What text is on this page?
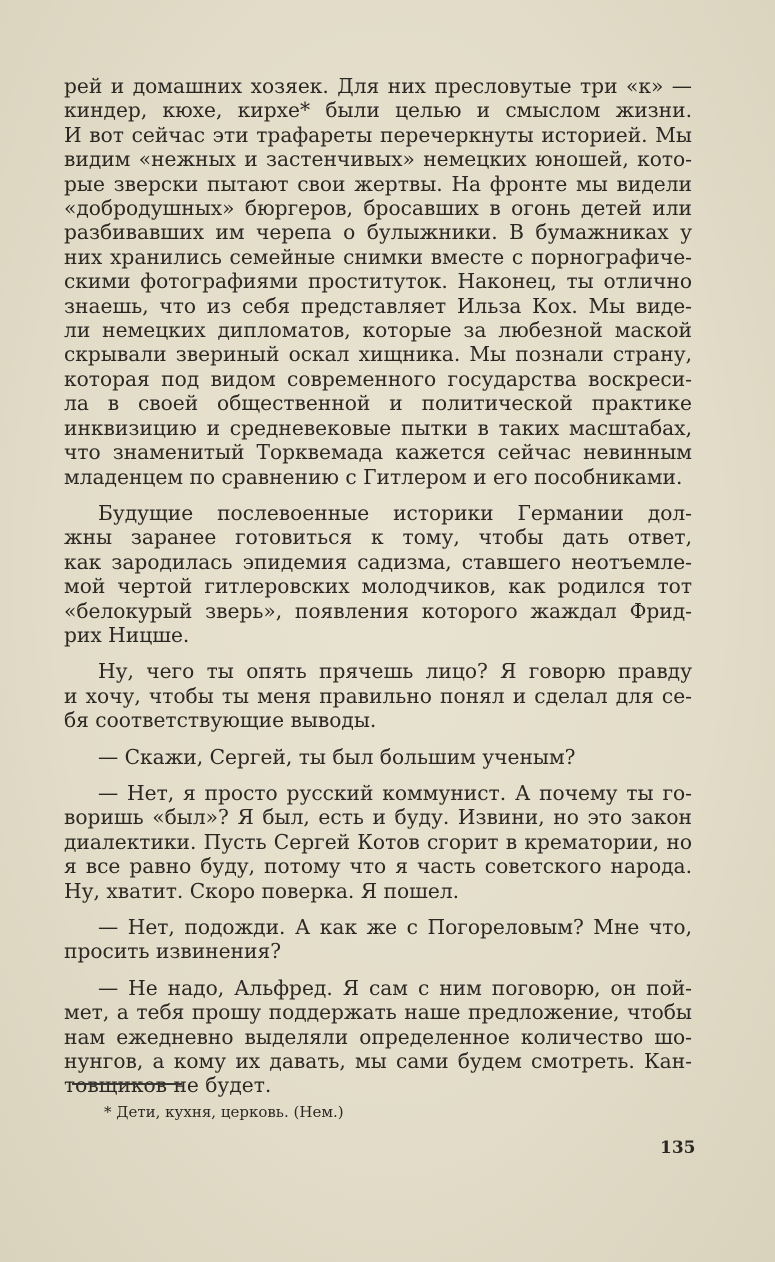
рей и домашних хозяек. Для них пресловутые три «к» —
киндер, кюхе, кирхе* были целью и смыслом жизни.
И вот сейчас эти трафареты перечеркнуты историей. Мы
видим «нежных и застенчивых» немецких юношей, кото-
рые зверски пытают свои жертвы. На фронте мы видели
«добродушных» бюргеров, бросавших в огонь детей или
разбивавших им черепа о булыжники. В бумажниках у
них хранились семейные снимки вместе с порнографиче-
скими фотографиями проституток. Наконец, ты отлично
знаешь, что из себя представляет Ильза Кох. Мы виде-
ли немецких дипломатов, которые за любезной маской
скрывали звериный оскал хищника. Мы познали страну,
которая под видом современного государства воскреси-
ла в своей общественной и политической практике
инквизицию и средневековые пытки в таких масштабах,
что знаменитый Торквемада кажется сейчас невинным
младенцем по сравнению с Гитлером и его пособниками.
Будущие послевоенные историки Германии дол-
жны заранее готовиться к тому, чтобы дать ответ,
как зародилась эпидемия садизма, ставшего неотъемле-
мой чертой гитлеровских молодчиков, как родился тот
«белокурый зверь», появления которого жаждал Фрид-
рих Ницше.
Ну, чего ты опять прячешь лицо? Я говорю правду
и хочу, чтобы ты меня правильно понял и сделал для се-
бя соответствующие выводы.
— Скажи, Сергей, ты был большим ученым?
— Нет, я просто русский коммунист. А почему ты го-
воришь «был»? Я был, есть и буду. Извини, но это закон
диалектики. Пусть Сергей Котов сгорит в крематории, но
я все равно буду, потому что я часть советского народа.
Ну, хватит. Скоро поверка. Я пошел.
— Нет, подожди. А как же с Погореловым? Мне что,
просить извинения?
— Не надо, Альфред. Я сам с ним поговорю, он пой-
мет, а тебя прошу поддержать наше предложение, чтобы
нам ежедневно выделяли определенное количество шо-
нунгов, а кому их давать, мы сами будем смотреть. Кан-
товщиков не будет.
* Дети, кухня, церковь. (Нем.)
135
